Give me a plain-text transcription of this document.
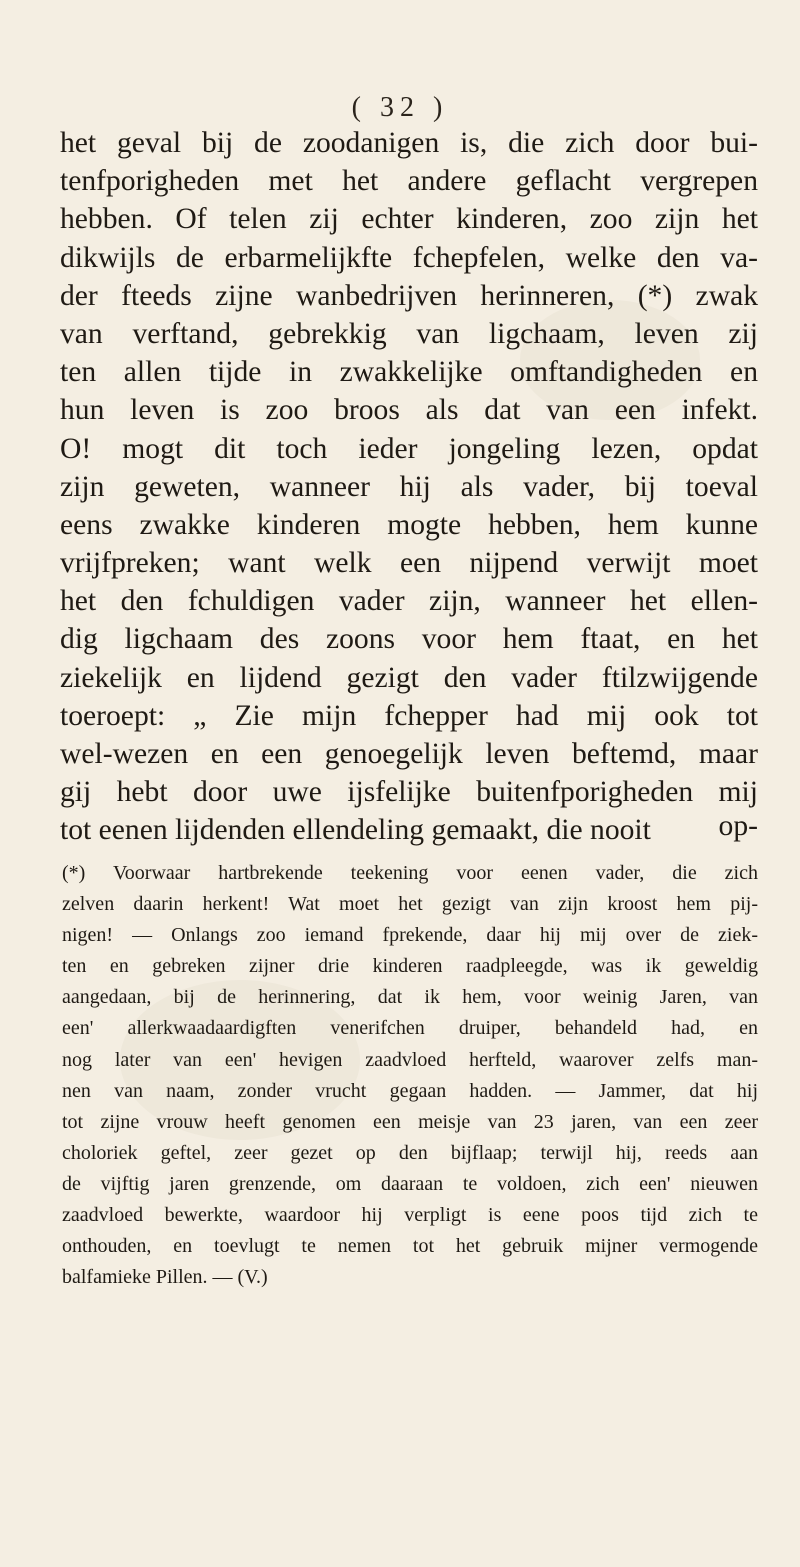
( 32 )
het geval bij de zoodanigen is, die zich door bui-
tenfporigheden met het andere geflacht vergrepen
hebben. Of telen zij echter kinderen, zoo zijn het
dikwijls de erbarmelijkfte fchepfelen, welke den va-
der fteeds zijne wanbedrijven herinneren, (*) zwak
van verftand, gebrekkig van ligchaam, leven zij
ten allen tijde in zwakkelijke omftandigheden en
hun leven is zoo broos als dat van een infekt.
O! mogt dit toch ieder jongeling lezen, opdat
zijn geweten, wanneer hij als vader, bij toeval
eens zwakke kinderen mogte hebben, hem kunne
vrijfpreken; want welk een nijpend verwijt moet
het den fchuldigen vader zijn, wanneer het ellen-
dig ligchaam des zoons voor hem ftaat, en het
ziekelijk en lijdend gezigt den vader ftilzwijgende
toeroept: „ Zie mijn fchepper had mij ook tot
wel-wezen en een genoegelijk leven beftemd, maar
gij hebt door uwe ijsfelijke buitenfporigheden mij
tot eenen lijdenden ellendeling gemaakt, die nooit	op-
(*) Voorwaar hartbrekende teekening voor eenen vader, die zich
zelven daarin herkent! Wat moet het gezigt van zijn kroost hem pij-
nigen! — Onlangs zoo iemand fprekende, daar hij mij over de ziek-
ten en gebreken zijner drie kinderen raadpleegde, was ik geweldig
aangedaan, bij de herinnering, dat ik hem, voor weinig Jaren, van
een' allerkwaadaardigften venerifchen druiper, behandeld had, en
nog later van een' hevigen zaadvloed herfteld, waarover zelfs man-
nen van naam, zonder vrucht gegaan hadden. — Jammer, dat hij
tot zijne vrouw heeft genomen een meisje van 23 jaren, van een zeer
choloriek geftel, zeer gezet op den bijflaap; terwijl hij, reeds aan
de vijftig jaren grenzende, om daaraan te voldoen, zich een' nieuwen
zaadvloed bewerkte, waardoor hij verpligt is eene poos tijd zich te
onthouden, en toevlugt te nemen tot het gebruik mijner vermogende
balfamieke Pillen. — (V.)
